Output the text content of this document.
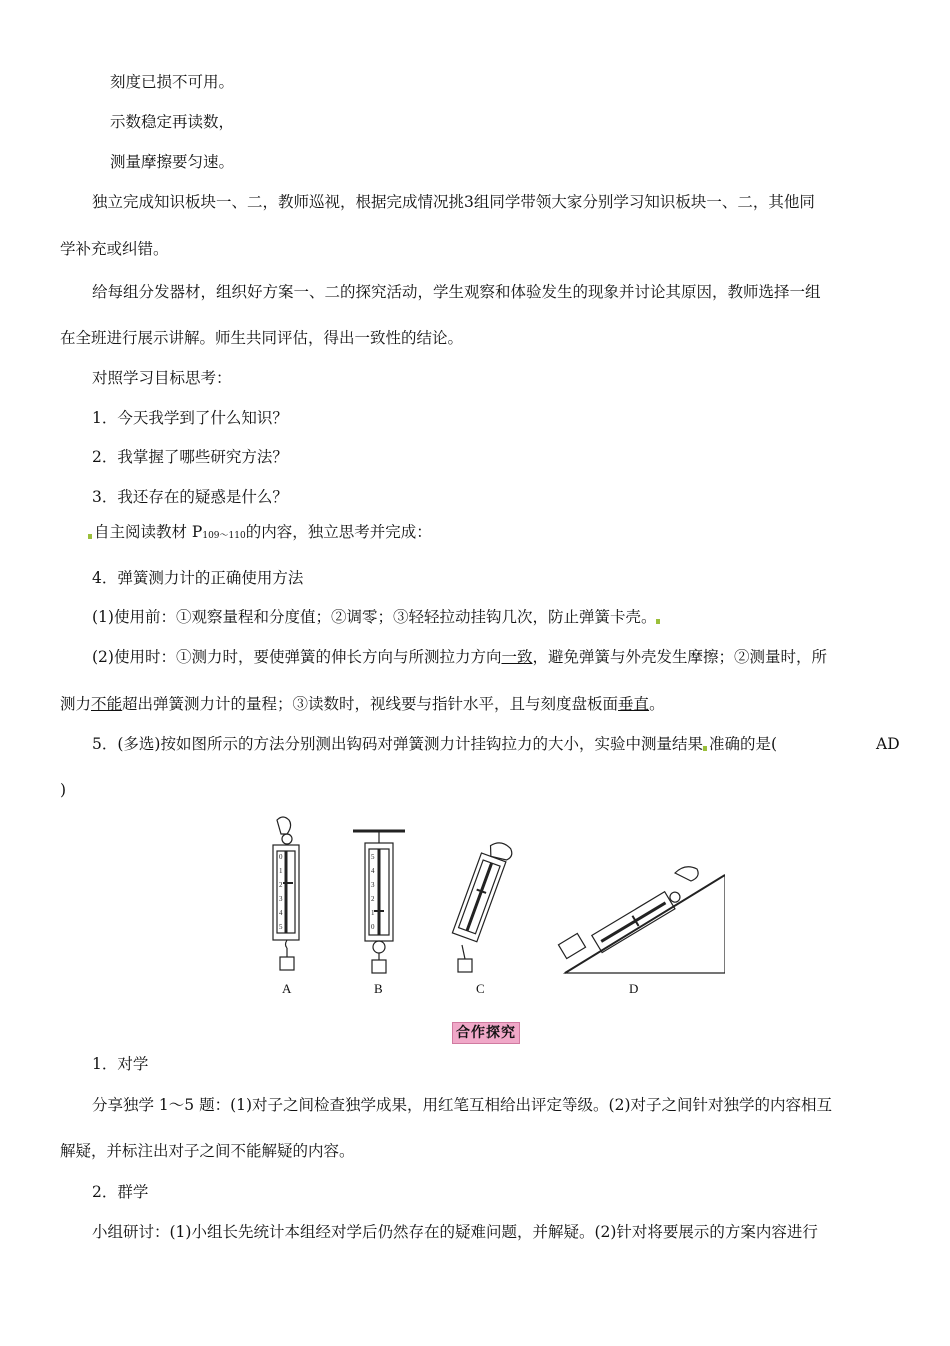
刻度已损不可用。
示数稳定再读数，
测量摩擦要匀速。
独立完成知识板块一、二，教师巡视，根据完成情况挑3组同学带领大家分别学习知识板块一、二，其他同
学补充或纠错。
给每组分发器材，组织好方案一、二的探究活动，学生观察和体验发生的现象并讨论其原因，教师选择一组
在全班进行展示讲解。师生共同评估，得出一致性的结论。
对照学习目标思考：
1．今天我学到了什么知识？
2．我掌握了哪些研究方法？
3．我还存在的疑惑是什么？
自主阅读教材 P109～110的内容，独立思考并完成：
4．弹簧测力计的正确使用方法
(1)使用前：①观察量程和分度值；②调零；③轻轻拉动挂钩几次，防止弹簧卡壳。
(2)使用时：①测力时，要使弹簧的伸长方向与所测拉力方向一致，避免弹簧与外壳发生摩擦；②测量时，所
测力不能超出弹簧测力计的量程；③读数时，视线要与指针水平，且与刻度盘板面垂直。
5．(多选)按如图所示的方法分别测出钩码对弹簧测力计挂钩拉力的大小，实验中测量结果 准确的是(	AD
)
0
1
2
3
4
5
5
4
3
2
1
0
A	B	C	D
合作探究
1．对学
分享独学 1～5 题：(1)对子之间检查独学成果，用红笔互相给出评定等级。(2)对子之间针对独学的内容相互
解疑，并标注出对子之间不能解疑的内容。
2．群学
小组研讨：(1)小组长先统计本组经对学后仍然存在的疑难问题，并解疑。(2)针对将要展示的方案内容进行
